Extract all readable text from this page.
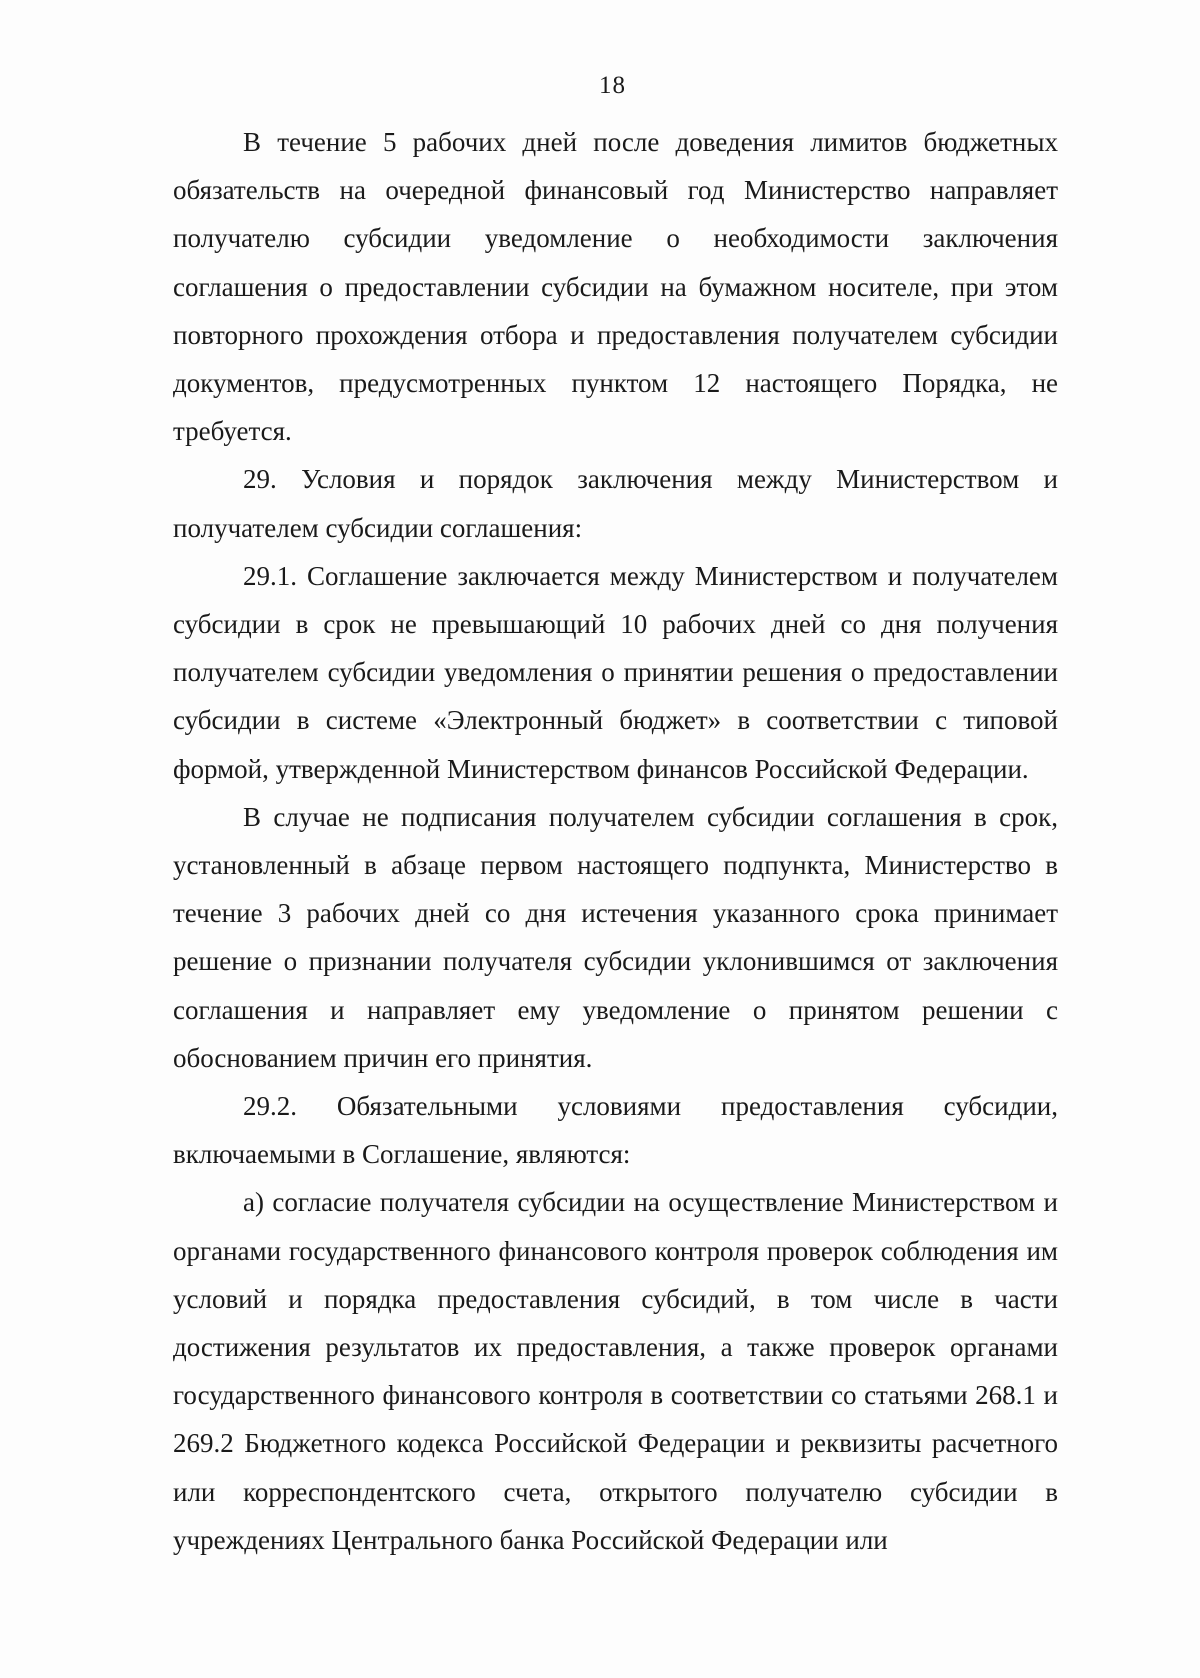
18

В течение 5 рабочих дней после доведения лимитов бюджетных обязательств на очередной финансовый год Министерство направляет получателю субсидии уведомление о необходимости заключения соглашения о предоставлении субсидии на бумажном носителе, при этом повторного прохождения отбора и предоставления получателем субсидии документов, предусмотренных пунктом 12 настоящего Порядка, не требуется.

29. Условия и порядок заключения между Министерством и получателем субсидии соглашения:

29.1. Соглашение заключается между Министерством и получателем субсидии в срок не превышающий 10 рабочих дней со дня получения получателем субсидии уведомления о принятии решения о предоставлении субсидии в системе «Электронный бюджет» в соответствии с типовой формой, утвержденной Министерством финансов Российской Федерации.

В случае не подписания получателем субсидии соглашения в срок, установленный в абзаце первом настоящего подпункта, Министерство в течение 3 рабочих дней со дня истечения указанного срока принимает решение о признании получателя субсидии уклонившимся от заключения соглашения и направляет ему уведомление о принятом решении с обоснованием причин его принятия.

29.2. Обязательными условиями предоставления субсидии, включаемыми в Соглашение, являются:

а) согласие получателя субсидии на осуществление Министерством и органами государственного финансового контроля проверок соблюдения им условий и порядка предоставления субсидий, в том числе в части достижения результатов их предоставления, а также проверок органами государственного финансового контроля в соответствии со статьями 268.1 и 269.2 Бюджетного кодекса Российской Федерации и реквизиты расчетного или корреспондентского счета, открытого получателю субсидии в учреждениях Центрального банка Российской Федерации или
